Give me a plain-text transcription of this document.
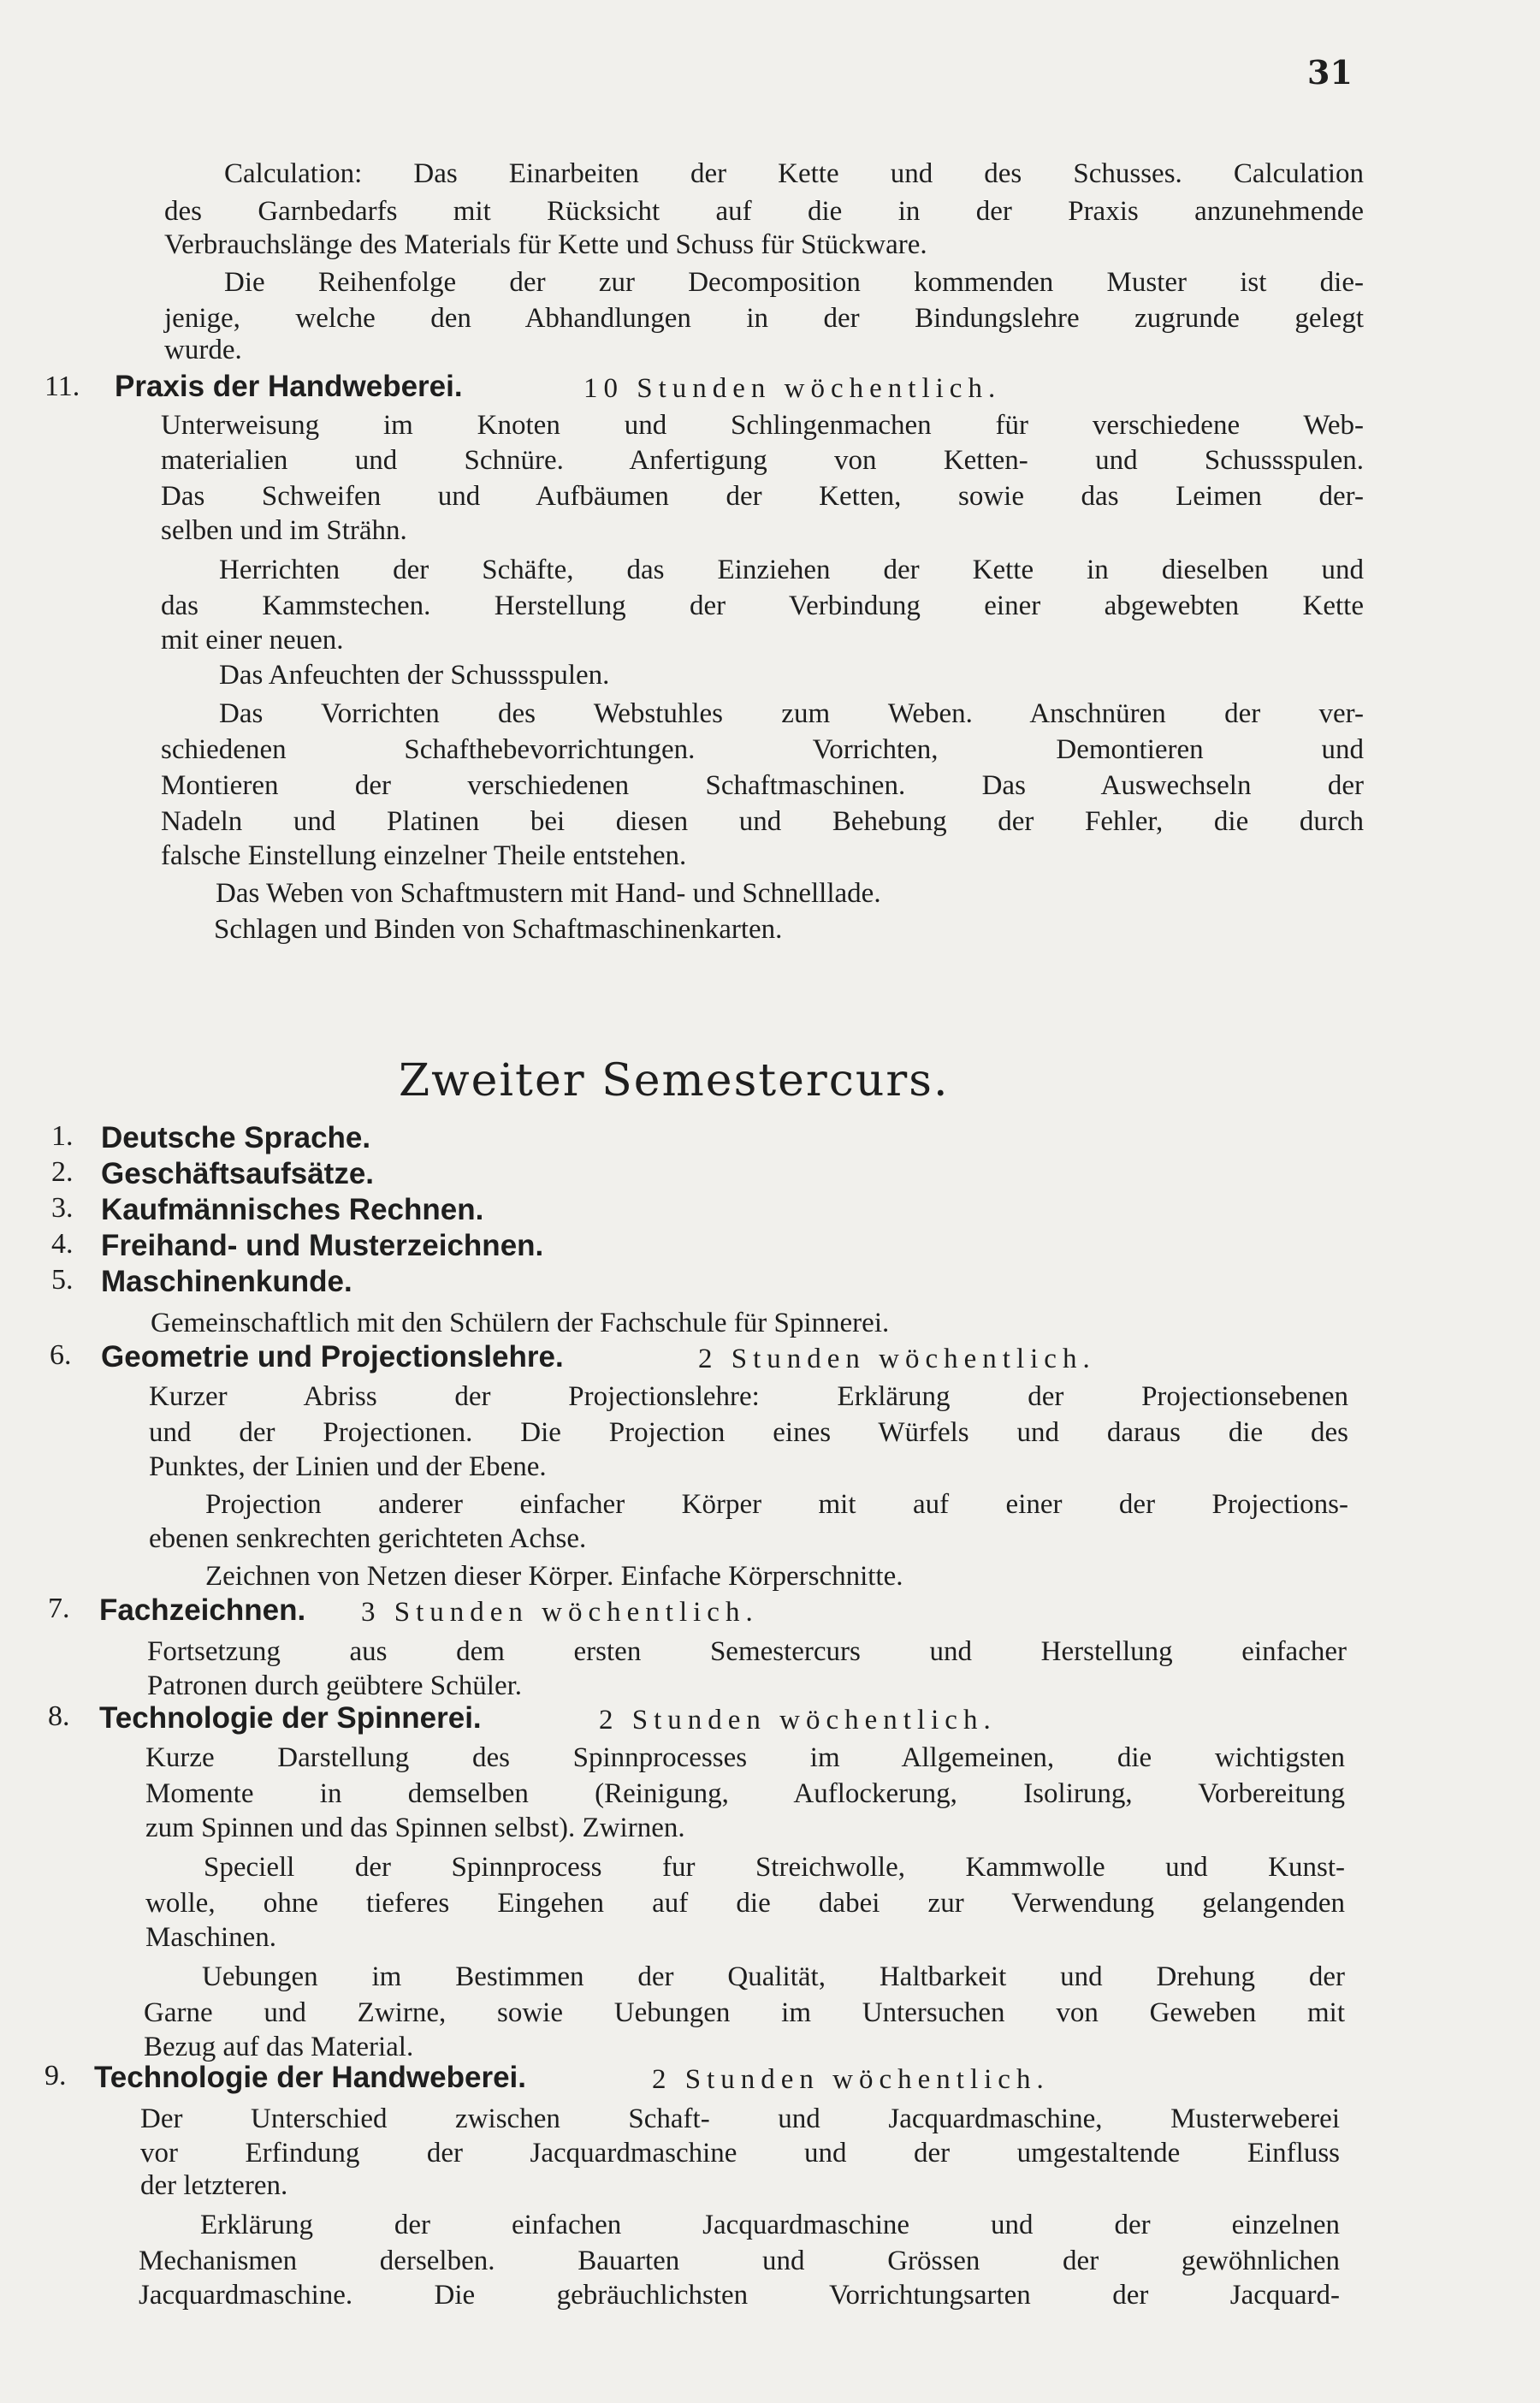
31
Calculation: Das Einarbeiten der Kette und des Schusses. Calculation
des Garnbedarfs mit Rücksicht auf die in der Praxis anzunehmende
Verbrauchslänge des Materials für Kette und Schuss für Stückware.
Die Reihenfolge der zur Decomposition kommenden Muster ist die-
jenige, welche den Abhandlungen in der Bindungslehre zugrunde gelegt
wurde.
11. Praxis der Handweberei.	10 Stunden wöchentlich.
Unterweisung im Knoten und Schlingenmachen für verschiedene Web-
materialien und Schnüre. Anfertigung von Ketten- und Schussspulen.
Das Schweifen und Aufbäumen der Ketten, sowie das Leimen der-
selben und im Strähn.
Herrichten der Schäfte, das Einziehen der Kette in dieselben und
das Kammstechen. Herstellung der Verbindung einer abgewebten Kette
mit einer neuen.
Das Anfeuchten der Schussspulen.
Das Vorrichten des Webstuhles zum Weben. Anschnüren der ver-
schiedenen Schafthebevorrichtungen. Vorrichten, Demontieren und
Montieren der verschiedenen Schaftmaschinen. Das Auswechseln der
Nadeln und Platinen bei diesen und Behebung der Fehler, die durch
falsche Einstellung einzelner Theile entstehen.
Das Weben von Schaftmustern mit Hand- und Schnelllade.
Schlagen und Binden von Schaftmaschinenkarten.
Zweiter Semestercurs.
1. Deutsche Sprache.
2. Geschäftsaufsätze.
3. Kaufmännisches Rechnen.
4. Freihand- und Musterzeichnen.
5. Maschinenkunde.
Gemeinschaftlich mit den Schülern der Fachschule für Spinnerei.
6. Geometrie und Projectionslehre.	2 Stunden wöchentlich.
Kurzer Abriss der Projectionslehre: Erklärung der Projectionsebenen
und der Projectionen. Die Projection eines Würfels und daraus die des
Punktes, der Linien und der Ebene.
Projection anderer einfacher Körper mit auf einer der Projections-
ebenen senkrechten gerichteten Achse.
Zeichnen von Netzen dieser Körper. Einfache Körperschnitte.
7. Fachzeichnen. 3 Stunden wöchentlich.
Fortsetzung aus dem ersten Semestercurs und Herstellung einfacher
Patronen durch geübtere Schüler.
8. Technologie der Spinnerei.	2 Stunden wöchentlich.
Kurze Darstellung des Spinnprocesses im Allgemeinen, die wichtigsten
Momente in demselben (Reinigung, Auflockerung, Isolirung, Vorbereitung
zum Spinnen und das Spinnen selbst). Zwirnen.
Speciell der Spinnprocess fur Streichwolle, Kammwolle und Kunst-
wolle, ohne tieferes Eingehen auf die dabei zur Verwendung gelangenden
Maschinen.
Uebungen im Bestimmen der Qualität, Haltbarkeit und Drehung der
Garne und Zwirne, sowie Uebungen im Untersuchen von Geweben mit
Bezug auf das Material.
9. Technologie der Handweberei.	2 Stunden wöchentlich.
Der Unterschied zwischen Schaft- und Jacquardmaschine, Musterweberei
vor Erfindung der Jacquardmaschine und der umgestaltende Einfluss
der letzteren.
Erklärung der einfachen Jacquardmaschine und der einzelnen
Mechanismen derselben. Bauarten und Grössen der gewöhnlichen
Jacquardmaschine. Die gebräuchlichsten Vorrichtungsarten der Jacquard-
